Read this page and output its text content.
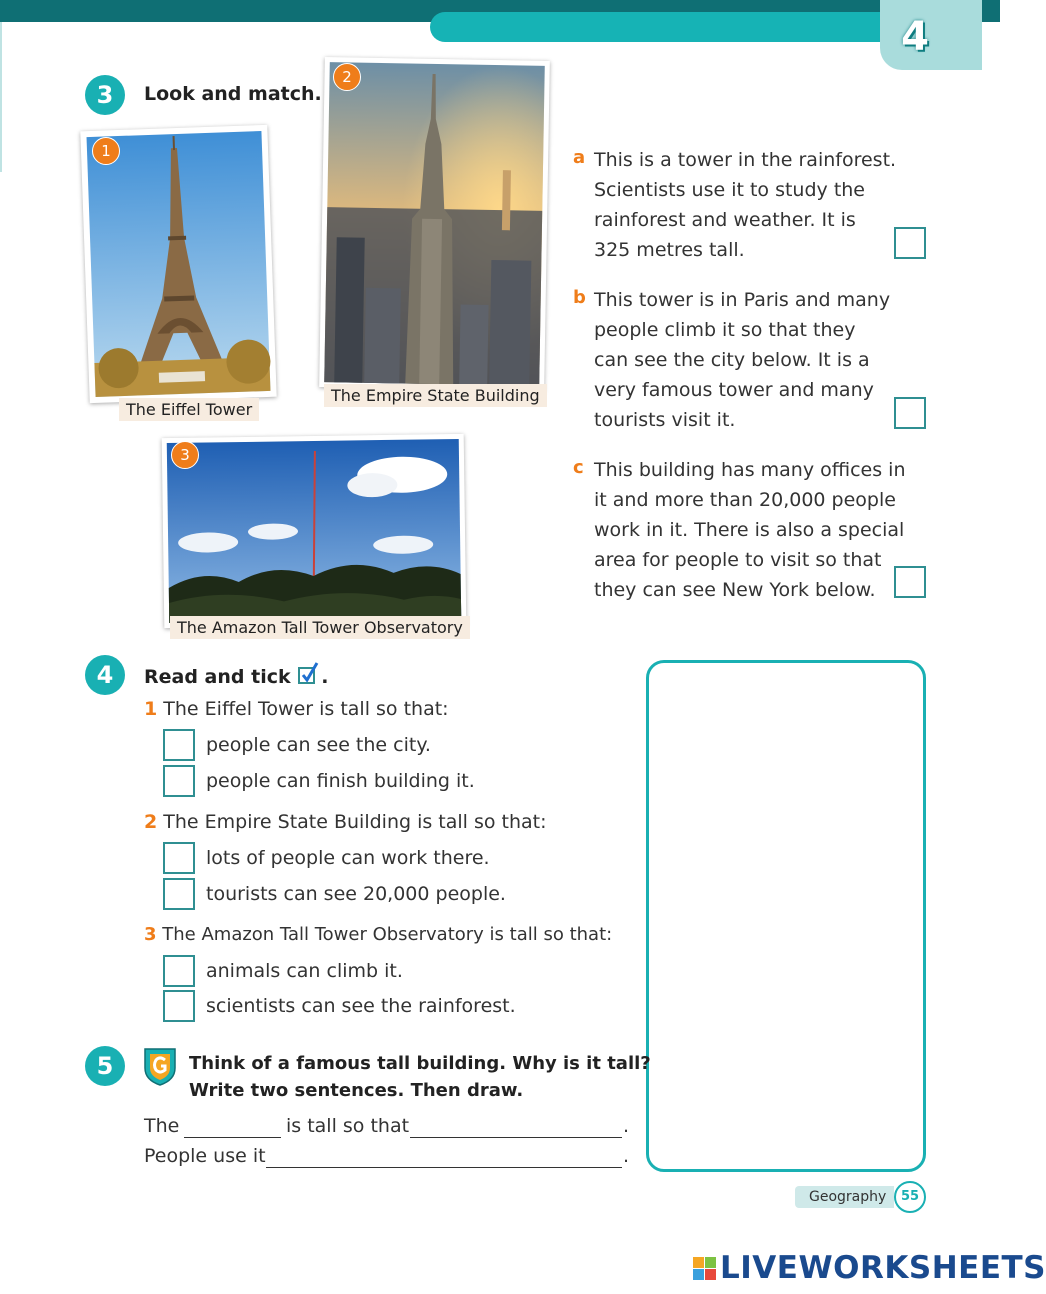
4
3	Look and match.
1
The Eiffel Tower
2
The Empire State Building
3
The Amazon Tall Tower Observatory
a This is a tower in the rainforest.
Scientists use it to study the
rainforest and weather. It is
325 metres tall.
b This tower is in Paris and many
people climb it so that they
can see the city below. It is a
very famous tower and many
tourists visit it.
c This building has many offices in
it and more than 20,000 people
work in it. There is also a special
area for people to visit so that
they can see New York below.
4	Read and tick .
1 The Eiffel Tower is tall so that:
people can see the city.
people can finish building it.
2 The Empire State Building is tall so that:
lots of people can work there.
tourists can see 20,000 people.
3 The Amazon Tall Tower Observatory is tall so that:
animals can climb it.
scientists can see the rainforest.
5	Think of a famous tall building. Why is it tall?
Write two sentences. Then draw.
The	is tall so that	.
People use it	.
Geography	55
LIVEWORKSHEETS
